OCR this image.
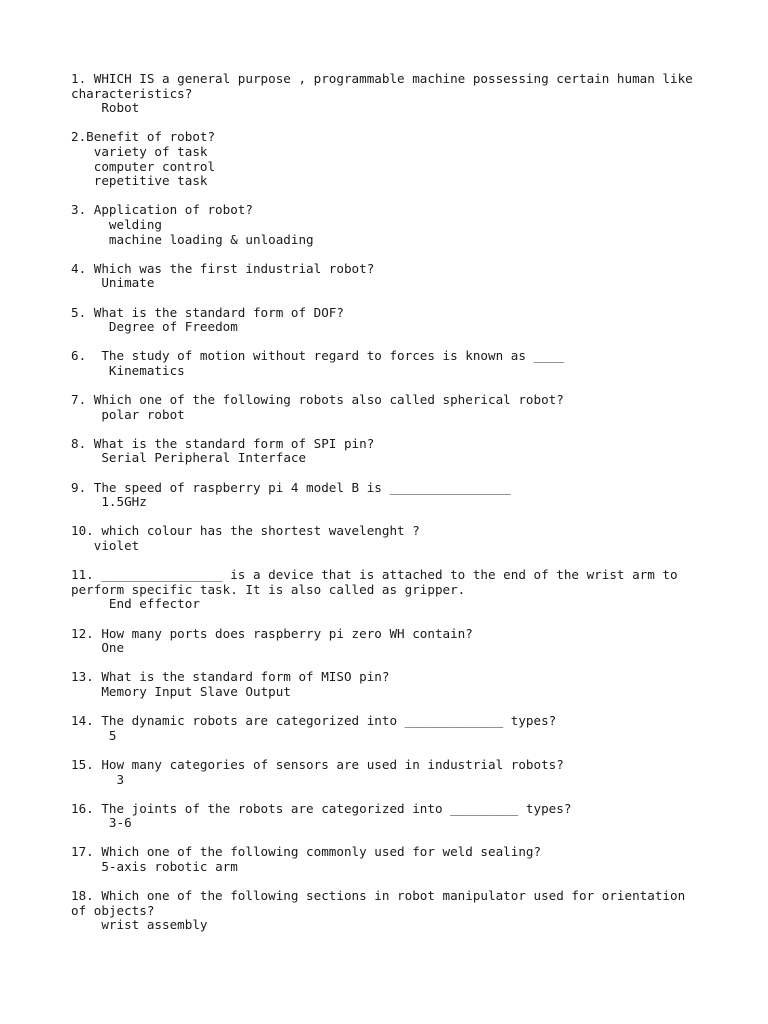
1. WHICH IS a general purpose , programmable machine possessing certain human like characteristics?
Robot
2.Benefit of robot?
variety of task
computer control
repetitive task
3. Application of robot?
welding
machine loading & unloading
4. Which was the first industrial robot?
Unimate
5. What is the standard form of DOF?
Degree of Freedom
6.  The study of motion without regard to forces is known as ____
Kinematics
7. Which one of the following robots also called spherical robot?
polar robot
8. What is the standard form of SPI pin?
Serial Peripheral Interface
9. The speed of raspberry pi 4 model B is ________________
1.5GHz
10. which colour has the shortest wavelenght ?
violet
11. ________________ is a device that is attached to the end of the wrist arm to perform specific task. It is also called as gripper.
End effector
12. How many ports does raspberry pi zero WH contain?
One
13. What is the standard form of MISO pin?
Memory Input Slave Output
14. The dynamic robots are categorized into _____________ types?
5
15. How many categories of sensors are used in industrial robots?
3
16. The joints of the robots are categorized into _________ types?
3-6
17. Which one of the following commonly used for weld sealing?
5-axis robotic arm
18. Which one of the following sections in robot manipulator used for orientation of objects?
wrist assembly
